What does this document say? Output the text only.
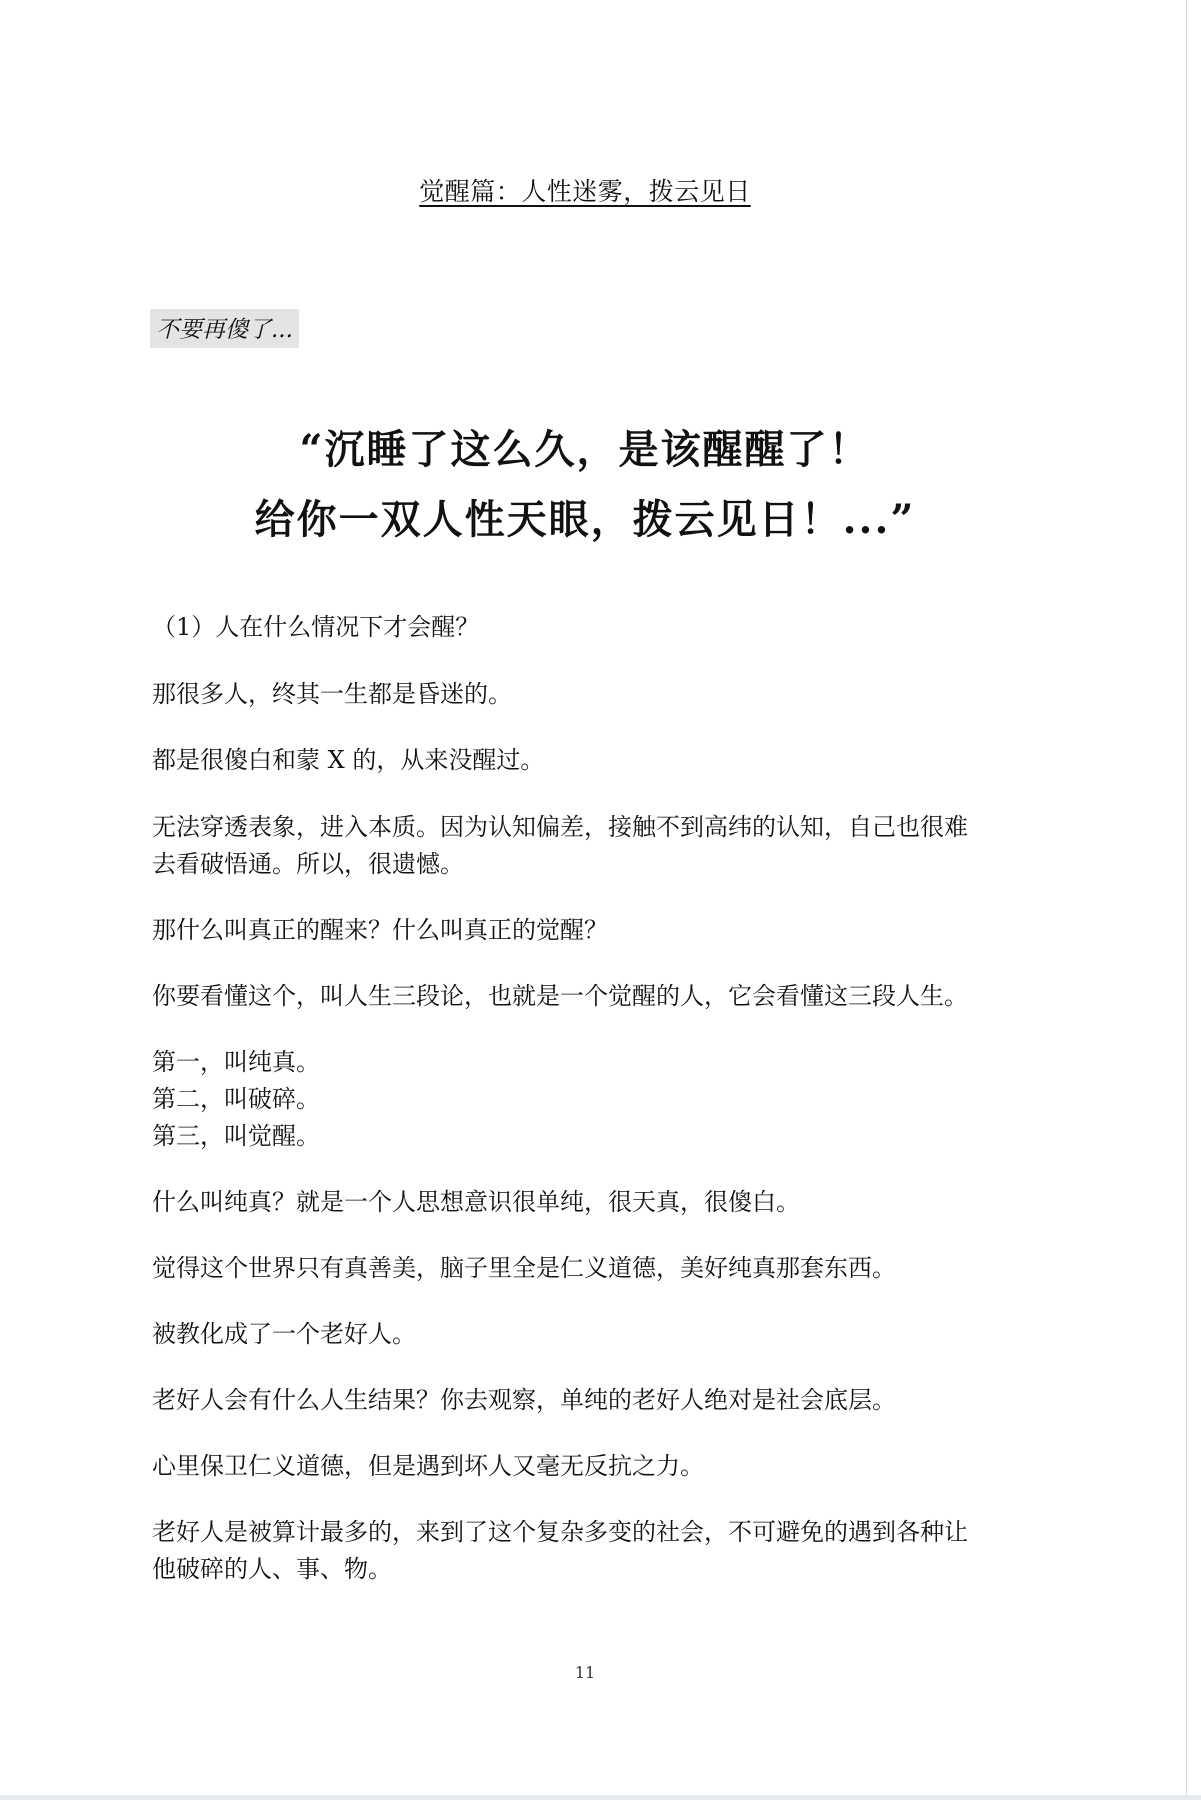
觉醒篇：人性迷雾，拨云见日
不要再傻了...
“沉睡了这么久，是该醒醒了！
给你一双人性天眼，拨云见日！...”
（1）人在什么情况下才会醒？
那很多人，终其一生都是昏迷的。
都是很傻白和蒙 X 的，从来没醒过。
无法穿透表象，进入本质。因为认知偏差，接触不到高纬的认知，自己也很难
去看破悟通。所以，很遗憾。
那什么叫真正的醒来？什么叫真正的觉醒？
你要看懂这个，叫人生三段论，也就是一个觉醒的人，它会看懂这三段人生。
第一，叫纯真。
第二，叫破碎。
第三，叫觉醒。
什么叫纯真？就是一个人思想意识很单纯，很天真，很傻白。
觉得这个世界只有真善美，脑子里全是仁义道德，美好纯真那套东西。
被教化成了一个老好人。
老好人会有什么人生结果？你去观察，单纯的老好人绝对是社会底层。
心里保卫仁义道德，但是遇到坏人又毫无反抗之力。
老好人是被算计最多的，来到了这个复杂多变的社会，不可避免的遇到各种让
他破碎的人、事、物。
11
